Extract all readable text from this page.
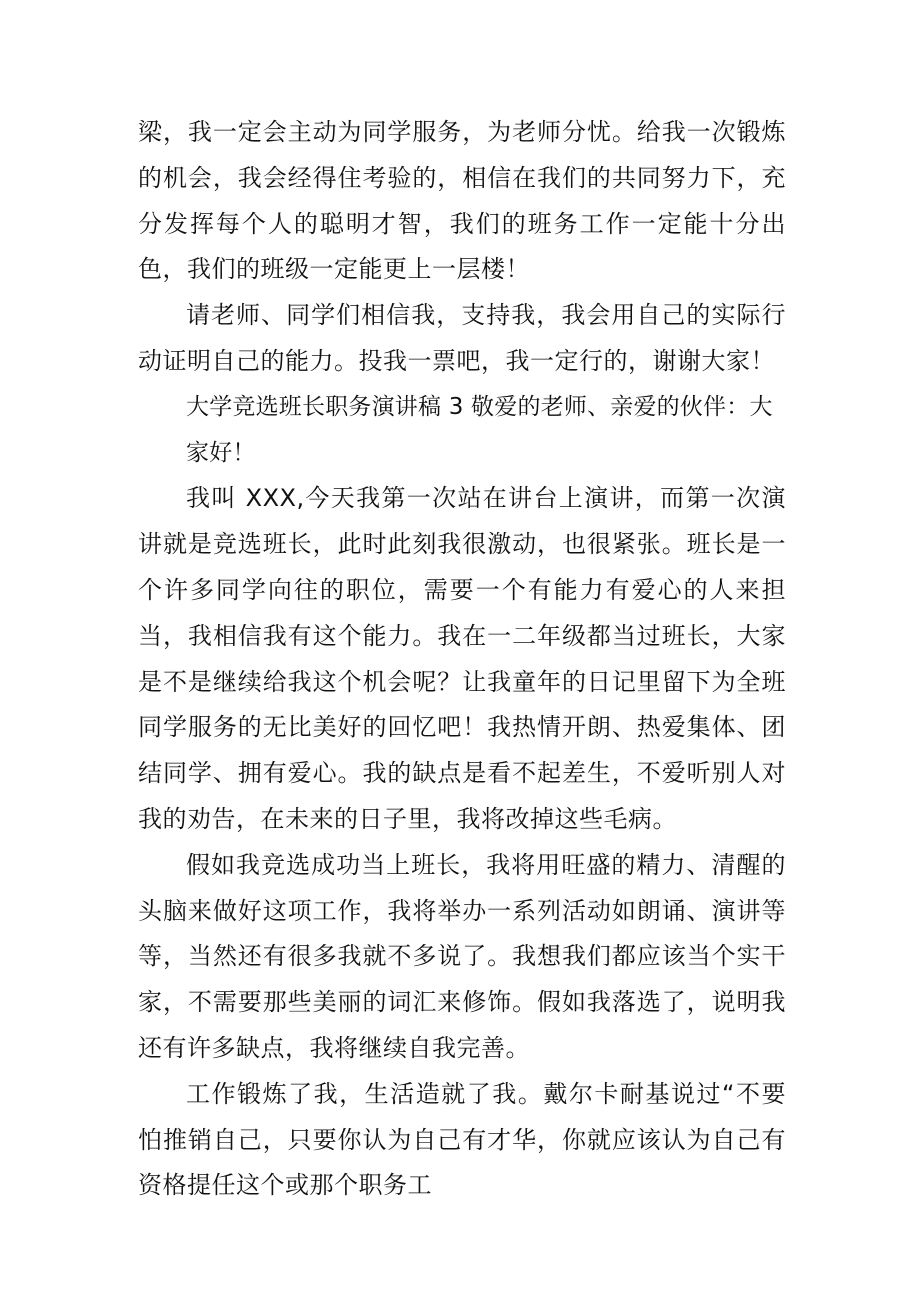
梁，我一定会主动为同学服务，为老师分忧。给我一次锻炼的机会，我会经得住考验的，相信在我们的共同努力下，充分发挥每个人的聪明才智，我们的班务工作一定能十分出色，我们的班级一定能更上一层楼！

请老师、同学们相信我，支持我，我会用自己的实际行动证明自己的能力。投我一票吧，我一定行的，谢谢大家！

大学竞选班长职务演讲稿 3 敬爱的老师、亲爱的伙伴：大家好！

我叫 XXX,今天我第一次站在讲台上演讲，而第一次演讲就是竞选班长，此时此刻我很激动，也很紧张。班长是一个许多同学向往的职位，需要一个有能力有爱心的人来担当，我相信我有这个能力。我在一二年级都当过班长，大家是不是继续给我这个机会呢？让我童年的日记里留下为全班同学服务的无比美好的回忆吧！我热情开朗、热爱集体、团结同学、拥有爱心。我的缺点是看不起差生，不爱听别人对我的劝告，在未来的日子里，我将改掉这些毛病。

假如我竞选成功当上班长，我将用旺盛的精力、清醒的头脑来做好这项工作，我将举办一系列活动如朗诵、演讲等等，当然还有很多我就不多说了。我想我们都应该当个实干家，不需要那些美丽的词汇来修饰。假如我落选了，说明我还有许多缺点，我将继续自我完善。

工作锻炼了我，生活造就了我。戴尔卡耐基说过“不要怕推销自己，只要你认为自己有才华，你就应该认为自己有资格提任这个或那个职务工
